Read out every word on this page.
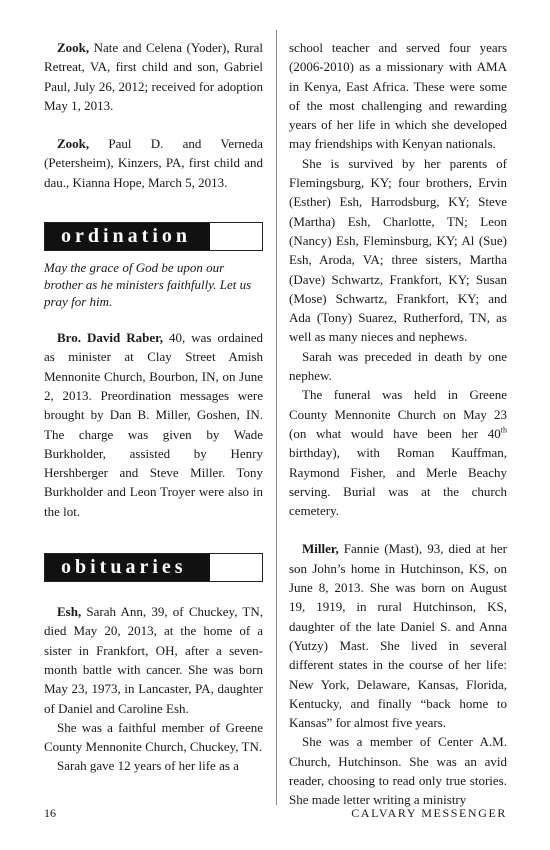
Zook, Nate and Celena (Yoder), Rural Retreat, VA, first child and son, Gabriel Paul, July 26, 2012; received for adoption May 1, 2013.

Zook, Paul D. and Verneda (Petersheim), Kinzers, PA, first child and dau., Kianna Hope, March 5, 2013.

ordination

May the grace of God be upon our brother as he ministers faithfully. Let us pray for him.

Bro. David Raber, 40, was ordained as minister at Clay Street Amish Mennonite Church, Bourbon, IN, on June 2, 2013. Preordination messages were brought by Dan B. Miller, Goshen, IN. The charge was given by Wade Burkholder, assisted by Henry Hershberger and Steve Miller. Tony Burkholder and Leon Troyer were also in the lot.

obituaries

Esh, Sarah Ann, 39, of Chuckey, TN, died May 20, 2013, at the home of a sister in Frankfort, OH, after a seven-month battle with cancer. She was born May 23, 1973, in Lancaster, PA, daughter of Daniel and Caroline Esh.

She was a faithful member of Greene County Mennonite Church, Chuckey, TN.

Sarah gave 12 years of her life as a

school teacher and served four years (2006-2010) as a missionary with AMA in Kenya, East Africa. These were some of the most challenging and rewarding years of her life in which she developed may friendships with Kenyan nationals.

She is survived by her parents of Flemingsburg, KY; four brothers, Ervin (Esther) Esh, Harrodsburg, KY; Steve (Martha) Esh, Charlotte, TN; Leon (Nancy) Esh, Fleminsburg, KY; Al (Sue) Esh, Aroda, VA; three sisters, Martha (Dave) Schwartz, Frankfort, KY; Susan (Mose) Schwartz, Frankfort, KY; and Ada (Tony) Suarez, Rutherford, TN, as well as many nieces and nephews.

Sarah was preceded in death by one nephew.

The funeral was held in Greene County Mennonite Church on May 23 (on what would have been her 40th birthday), with Roman Kauffman, Raymond Fisher, and Merle Beachy serving. Burial was at the church cemetery.

Miller, Fannie (Mast), 93, died at her son John’s home in Hutchinson, KS, on June 8, 2013. She was born on August 19, 1919, in rural Hutchinson, KS, daughter of the late Daniel S. and Anna (Yutzy) Mast. She lived in several different states in the course of her life: New York, Delaware, Kansas, Florida, Kentucky, and finally “back home to Kansas” for almost five years.

She was a member of Center A.M. Church, Hutchinson. She was an avid reader, choosing to read only true stories. She made letter writing a ministry

16	CALVARY MESSENGER
